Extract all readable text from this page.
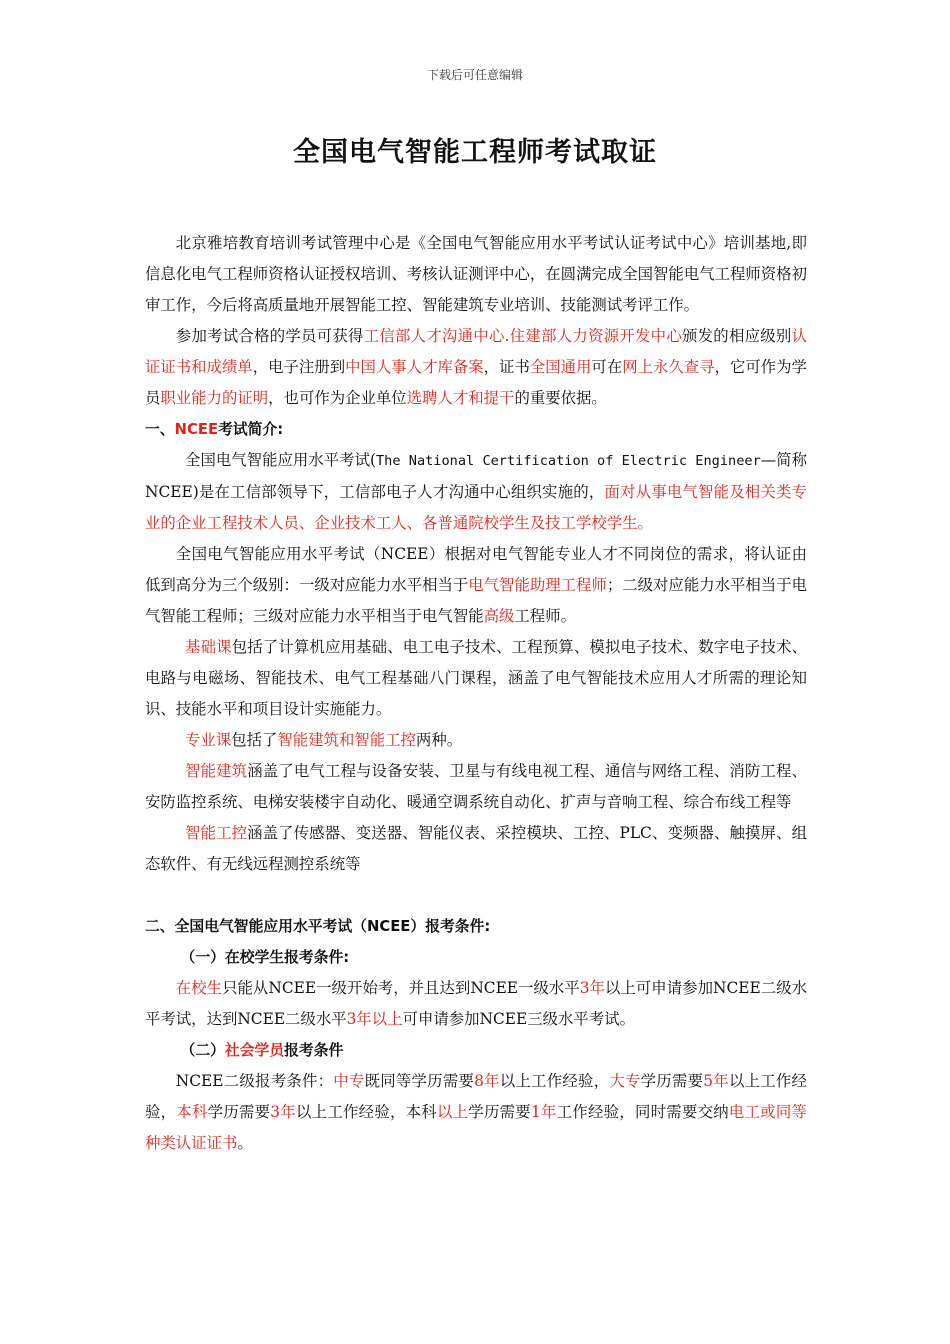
下载后可任意编辑
全国电气智能工程师考试取证

北京雅培教育培训考试管理中心是《全国电气智能应用水平考试认证考试中心》培训基地,即信息化电气工程师资格认证授权培训、考核认证测评中心，在圆满完成全国智能电气工程师资格初审工作，今后将高质量地开展智能工控、智能建筑专业培训、技能测试考评工作。

参加考试合格的学员可获得工信部人才沟通中心.住建部人力资源开发中心颁发的相应级别认证证书和成绩单，电子注册到中国人事人才库备案，证书全国通用可在网上永久查寻，它可作为学员职业能力的证明，也可作为企业单位选聘人才和提干的重要依据。

一、NCEE考试简介:

全国电气智能应用水平考试(The National Certification of Electric Engineer—简称NCEE)是在工信部领导下，工信部电子人才沟通中心组织实施的，面对从事电气智能及相关类专业的企业工程技术人员、企业技术工人、各普通院校学生及技工学校学生。

全国电气智能应用水平考试（NCEE）根据对电气智能专业人才不同岗位的需求，将认证由低到高分为三个级别：一级对应能力水平相当于电气智能助理工程师；二级对应能力水平相当于电气智能工程师；三级对应能力水平相当于电气智能高级工程师。

基础课包括了计算机应用基础、电工电子技术、工程预算、模拟电子技术、数字电子技术、电路与电磁场、智能技术、电气工程基础八门课程，涵盖了电气智能技术应用人才所需的理论知识、技能水平和项目设计实施能力。

专业课包括了智能建筑和智能工控两种。

智能建筑涵盖了电气工程与设备安装、卫星与有线电视工程、通信与网络工程、消防工程、安防监控系统、电梯安装楼宇自动化、暖通空调系统自动化、扩声与音响工程、综合布线工程等

智能工控涵盖了传感器、变送器、智能仪表、采控模块、工控、PLC、变频器、触摸屏、组态软件、有无线远程测控系统等

二、全国电气智能应用水平考试（NCEE）报考条件:

（一）在校学生报考条件:

在校生只能从NCEE一级开始考，并且达到NCEE一级水平3年以上可申请参加NCEE二级水平考试，达到NCEE二级水平3年以上可申请参加NCEE三级水平考试。

（二）社会学员报考条件

NCEE二级报考条件：中专既同等学历需要8年以上工作经验，大专学历需要5年以上工作经验，本科学历需要3年以上工作经验，本科以上学历需要1年工作经验，同时需要交纳电工或同等种类认证证书。
